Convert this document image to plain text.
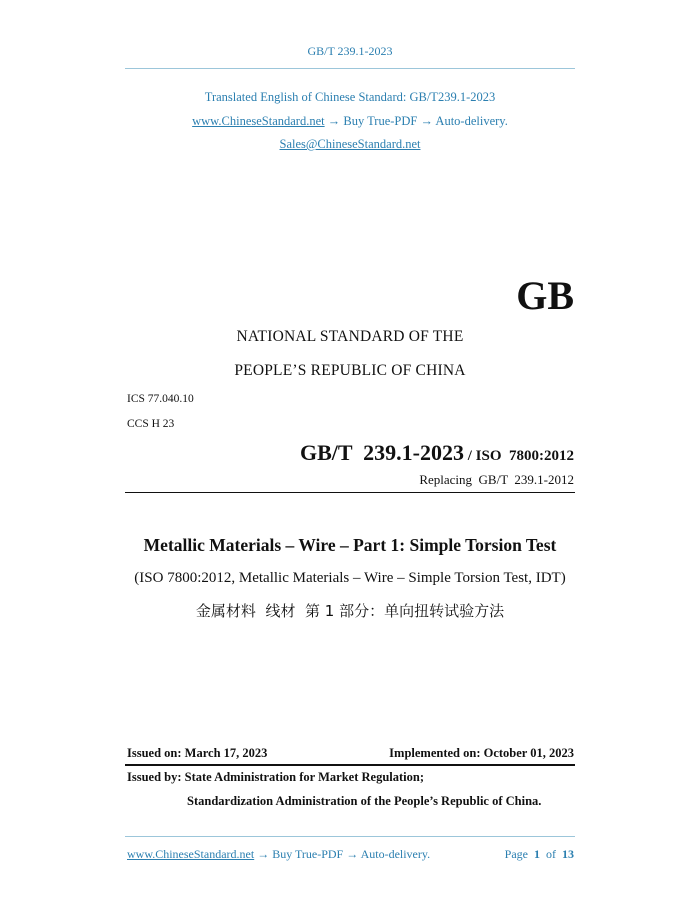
GB/T 239.1-2023
Translated English of Chinese Standard: GB/T239.1-2023
www.ChineseStandard.net → Buy True-PDF → Auto-delivery.
Sales@ChineseStandard.net
GB
NATIONAL STANDARD OF THE
PEOPLE’S REPUBLIC OF CHINA
ICS 77.040.10
CCS H 23
GB/T  239.1-2023 / ISO  7800:2012
Replacing  GB/T  239.1-2012
Metallic Materials – Wire – Part 1: Simple Torsion Test
(ISO 7800:2012, Metallic Materials – Wire – Simple Torsion Test, IDT)
金属材料  线材  第 1 部分：单向扭转试验方法
Issued on: March 17, 2023	Implemented on: October 01, 2023
Issued by: State Administration for Market Regulation;
Standardization Administration of the People’s Republic of China.
www.ChineseStandard.net → Buy True-PDF → Auto-delivery.	Page 1 of 13
